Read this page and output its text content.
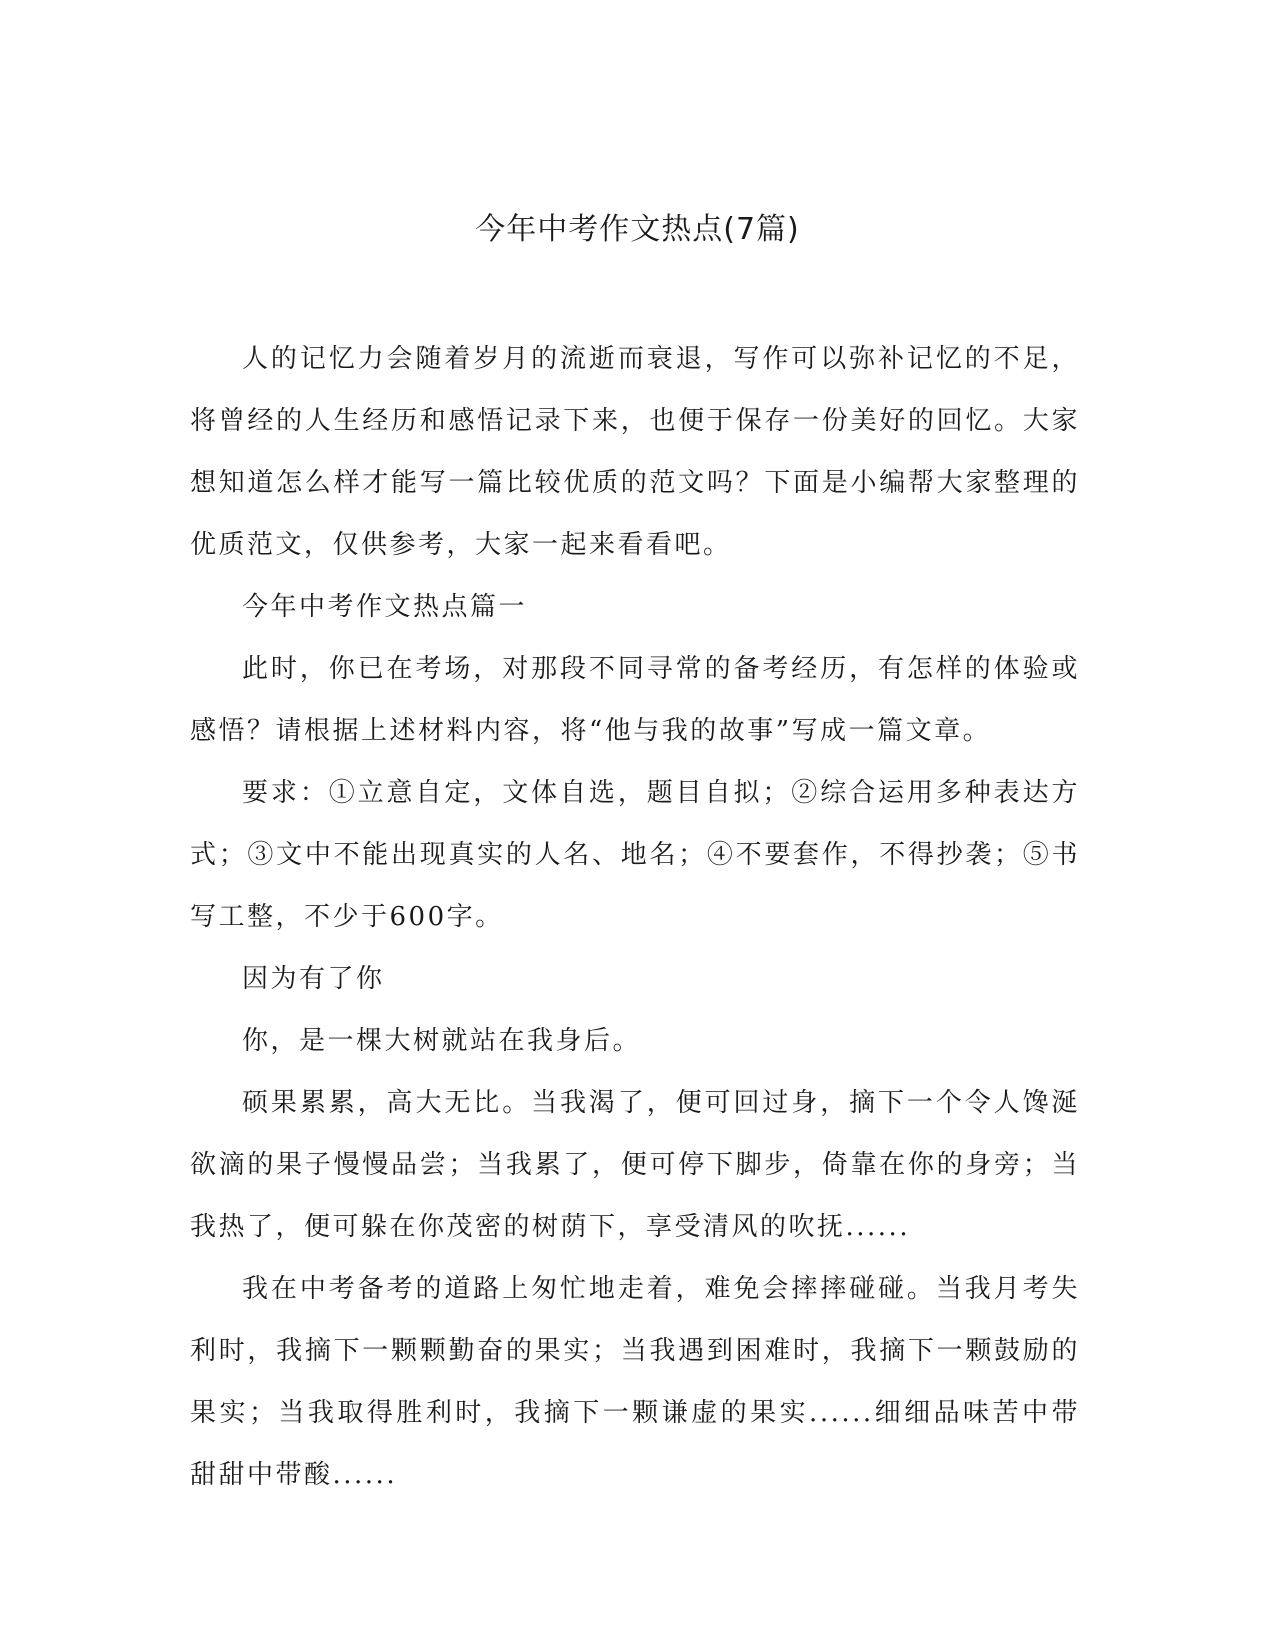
今年中考作文热点(7篇)

人的记忆力会随着岁月的流逝而衰退，写作可以弥补记忆的不足，将曾经的人生经历和感悟记录下来，也便于保存一份美好的回忆。大家想知道怎么样才能写一篇比较优质的范文吗？下面是小编帮大家整理的优质范文，仅供参考，大家一起来看看吧。

今年中考作文热点篇一

此时，你已在考场，对那段不同寻常的备考经历，有怎样的体验或感悟？请根据上述材料内容，将“他与我的故事”写成一篇文章。

要求：①立意自定，文体自选，题目自拟；②综合运用多种表达方式；③文中不能出现真实的人名、地名；④不要套作，不得抄袭；⑤书写工整，不少于600字。

因为有了你

你，是一棵大树就站在我身后。

硕果累累，高大无比。当我渴了，便可回过身，摘下一个令人馋涎欲滴的果子慢慢品尝；当我累了，便可停下脚步，倚靠在你的身旁；当我热了，便可躲在你茂密的树荫下，享受清风的吹抚......

我在中考备考的道路上匆忙地走着，难免会摔摔碰碰。当我月考失利时，我摘下一颗颗勤奋的果实；当我遇到困难时，我摘下一颗鼓励的果实；当我取得胜利时，我摘下一颗谦虚的果实......细细品味苦中带甜甜中带酸......
